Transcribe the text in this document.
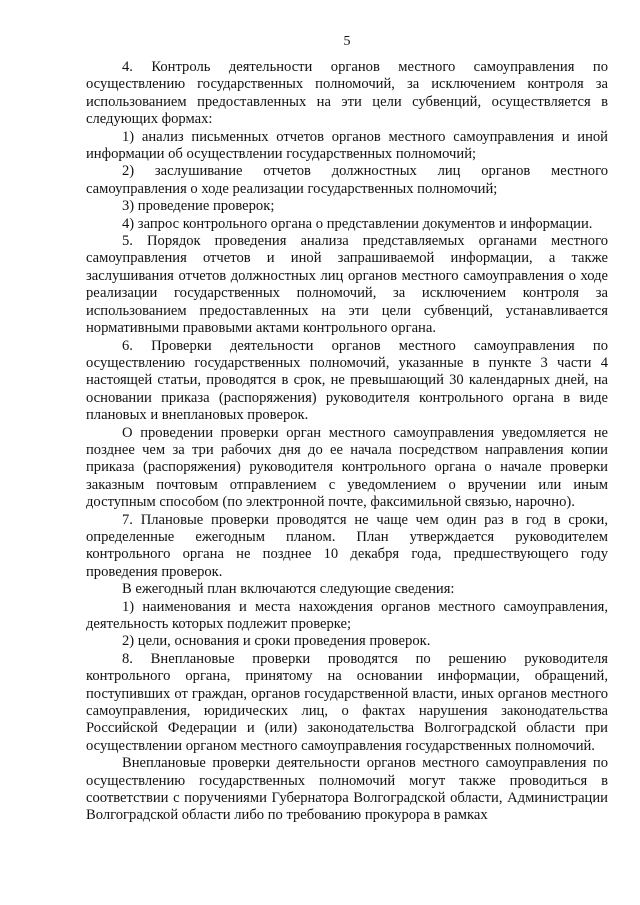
5

4. Контроль деятельности органов местного самоуправления по осуществлению государственных полномочий, за исключением контроля за использованием предоставленных на эти цели субвенций, осуществляется в следующих формах:

1) анализ письменных отчетов органов местного самоуправления и иной информации об осуществлении государственных полномочий;

2) заслушивание отчетов должностных лиц органов местного самоуправления о ходе реализации государственных полномочий;

3) проведение проверок;

4) запрос контрольного органа о представлении документов и информации.

5. Порядок проведения анализа представляемых органами местного самоуправления отчетов и иной запрашиваемой информации, а также заслушивания отчетов должностных лиц органов местного самоуправления о ходе реализации государственных полномочий, за исключением контроля за использованием предоставленных на эти цели субвенций, устанавливается нормативными правовыми актами контрольного органа.

6. Проверки деятельности органов местного самоуправления по осуществлению государственных полномочий, указанные в пункте 3 части 4 настоящей статьи, проводятся в срок, не превышающий 30 календарных дней, на основании приказа (распоряжения) руководителя контрольного органа в виде плановых и внеплановых проверок.

О проведении проверки орган местного самоуправления уведомляется не позднее чем за три рабочих дня до ее начала посредством направления копии приказа (распоряжения) руководителя контрольного органа о начале проверки заказным почтовым отправлением с уведомлением о вручении или иным доступным способом (по электронной почте, факсимильной связью, нарочно).

7. Плановые проверки проводятся не чаще чем один раз в год в сроки, определенные ежегодным планом. План утверждается руководителем контрольного органа не позднее 10 декабря года, предшествующего году проведения проверок.

В ежегодный план включаются следующие сведения:

1) наименования и места нахождения органов местного самоуправления, деятельность которых подлежит проверке;

2) цели, основания и сроки проведения проверок.

8. Внеплановые проверки проводятся по решению руководителя контрольного органа, принятому на основании информации, обращений, поступивших от граждан, органов государственной власти, иных органов местного самоуправления, юридических лиц, о фактах нарушения законодательства Российской Федерации и (или) законодательства Волгоградской области при осуществлении органом местного самоуправления государственных полномочий.

Внеплановые проверки деятельности органов местного самоуправления по осуществлению государственных полномочий могут также проводиться в соответствии с поручениями Губернатора Волгоградской области, Администрации Волгоградской области либо по требованию прокурора в рамках
